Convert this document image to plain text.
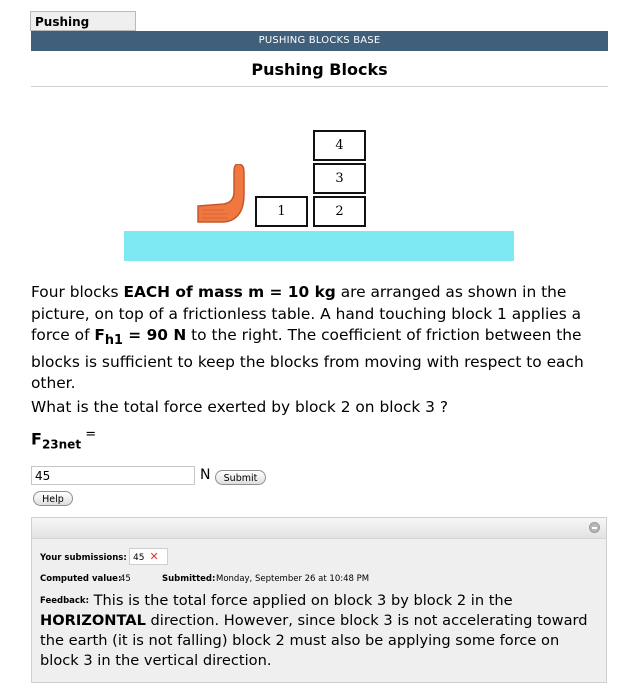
Pushing
PUSHING BLOCKS BASE
Pushing Blocks
1	2
3
4
Four blocks EACH of mass m = 10 kg are arranged as shown in the picture, on top of a frictionless table. A hand touching block 1 applies a force of $F_{h1} = 90$ N to the right. The coefficient of friction between the blocks is sufficient to keep the blocks from moving with respect to each other.
What is the total force exerted by block 2 on block 3 ?
$F_{23net}$ =
45	N	Submit
Help
Your submissions: 45 ✕
Computed value:
45	Submitted: Monday, September 26 at 10:48 PM
$^{Feedback:}$ This is the total force applied on block 3 by block 2 in the HORIZONTAL direction. However, since block 3 is not accelerating toward the earth (it is not falling) block 2 must also be applying some force on block 3 in the vertical direction.
